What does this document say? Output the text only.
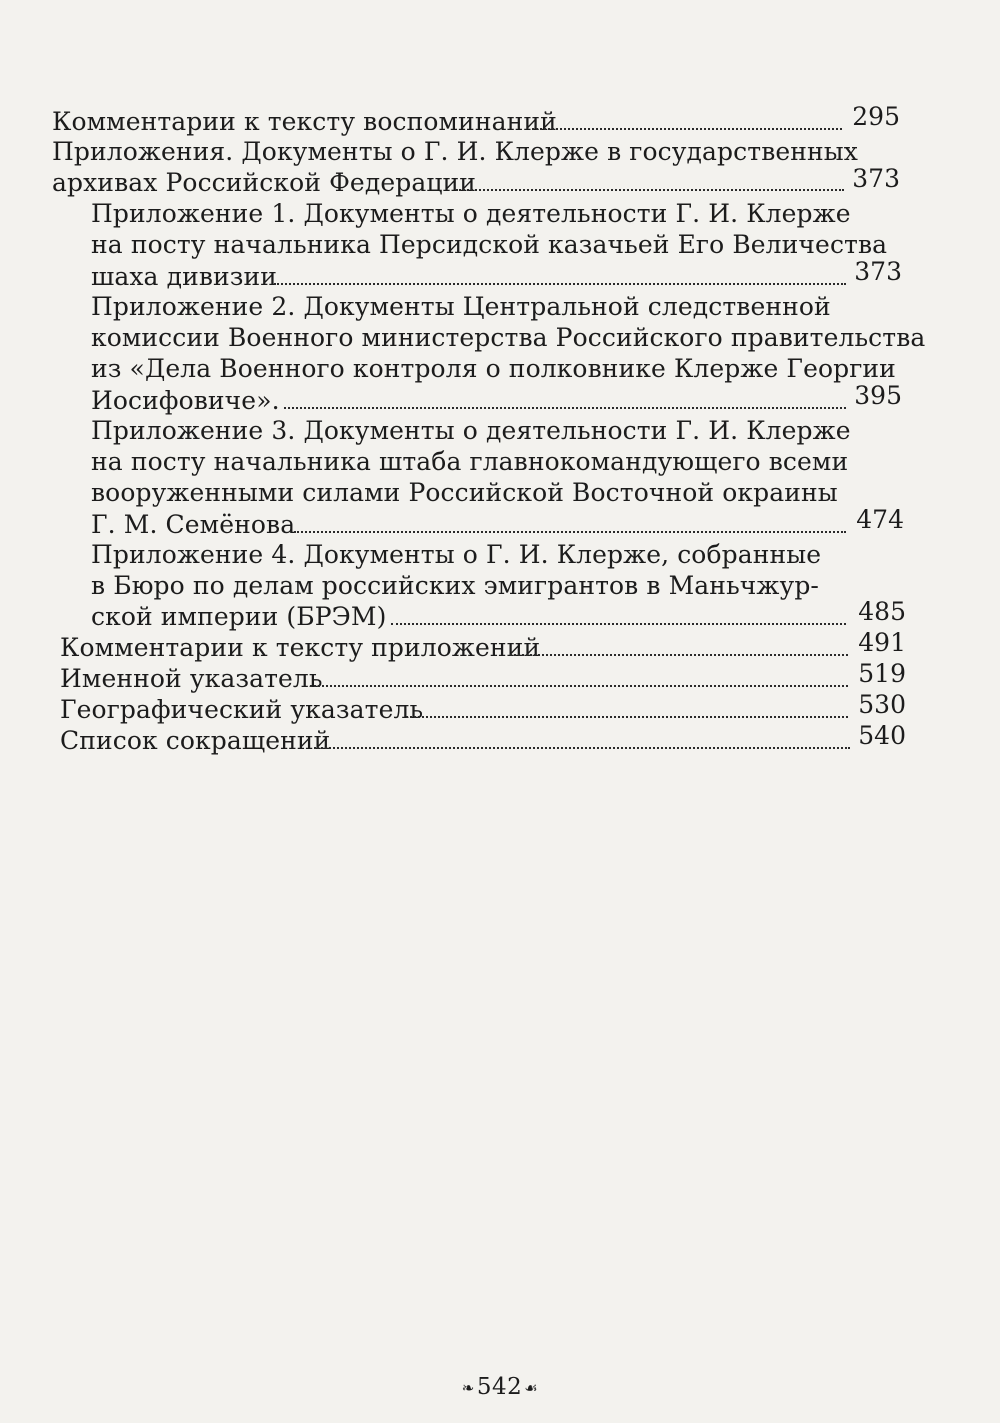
Комментарии к тексту воспоминаний	295
Приложения. Документы о Г. И. Клерже в государственных
архивах Российской Федерации	373
Приложение 1. Документы о деятельности Г. И. Клерже
на посту начальника Персидской казачьей Его Величества
шаха дивизии	373
Приложение 2. Документы Центральной следственной
комиссии Военного министерства Российского правительства
из «Дела Военного контроля о полковнике Клерже Георгии
Иосифовиче».	395
Приложение 3. Документы о деятельности Г. И. Клерже
на посту начальника штаба главнокомандующего всеми
вооруженными силами Российской Восточной окраины
Г. М. Семёнова	474
Приложение 4. Документы о Г. И. Клерже, собранные
в Бюро по делам российских эмигрантов в Маньчжур-
ской империи (БРЭМ)	485
Комментарии к тексту приложений	491
Именной указатель	519
Географический указатель	530
Список сокращений	540
❧542 ☙
